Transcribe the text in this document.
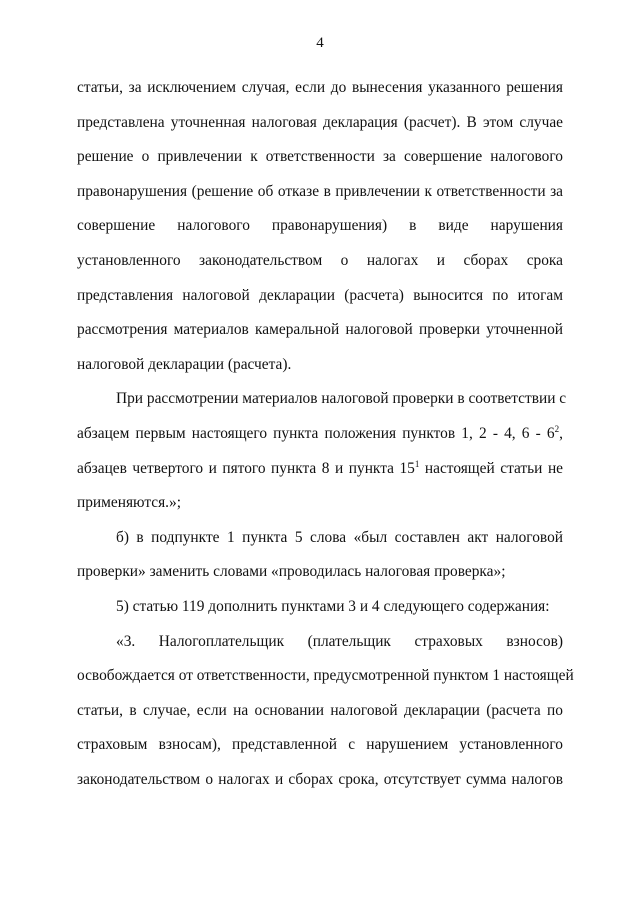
4
статьи, за исключением случая, если до вынесения указанного решения
представлена уточненная налоговая декларация (расчет). В этом случае
решение о привлечении к ответственности за совершение налогового
правонарушения (решение об отказе в привлечении к ответственности за
совершение налогового правонарушения) в виде нарушения
установленного законодательством о налогах и сборах срока
представления налоговой декларации (расчета) выносится по итогам
рассмотрения материалов камеральной налоговой проверки уточненной
налоговой декларации (расчета).
При рассмотрении материалов налоговой проверки в соответствии с
абзацем первым настоящего пункта положения пунктов 1, 2 - 4, $6 - 6^2$,
абзацев четвертого и пятого пункта 8 и пункта $15^1$ настоящей статьи не
применяются.»;
б) в подпункте 1 пункта 5 слова «был составлен акт налоговой
проверки» заменить словами «проводилась налоговая проверка»;
5) статью 119 дополнить пунктами 3 и 4 следующего содержания:
«3. Налогоплательщик (плательщик страховых взносов)
освобождается от ответственности, предусмотренной пунктом 1 настоящей
статьи, в случае, если на основании налоговой декларации (расчета по
страховым взносам), представленной с нарушением установленного
законодательством о налогах и сборах срока, отсутствует сумма налогов
